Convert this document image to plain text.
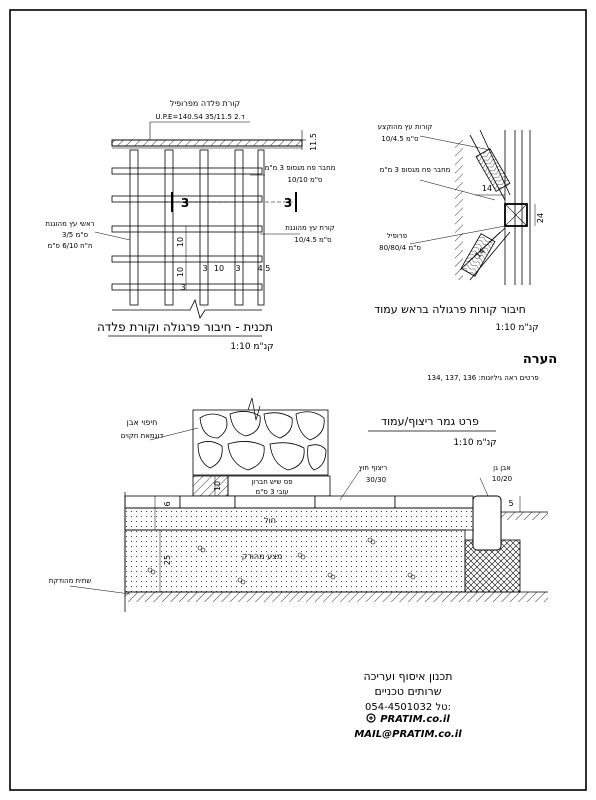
קורת פלדה מפרופיל
U.P.E=140.S4 ד.2 35/11.5
11.5
מחבר פח מגסופ 3 מ"מ
ס"מ 10/10
קורת עץ מהוגנת
ס"מ 10/4.5
ראשי עץ מהוגנת
ס"מ 3/5
ח"ח 6/10 ס"מ
3	3
10
10
3
3 10 3 4.5
תכנית - חיבור פרגולה וקורת פלדה
קנ"מ 1:10
קורות עץ מהוקצע
ס"מ 10/4.5
מחבר פח מגסופ 3 מ"מ
פרופיל
ס"מ 80/80/4
14
14
24
חיבור קורות פרגולה בראש עמוד
קנ"מ 1:10
הערה
פרטים ראה גיליונות: 136 ,137 ,134
פרט גמר ריצוף/עמוד
קנ"מ 1:10
חיפוי אבן
דוגמאת חקוים
אבן גן
10/20
ריצוף חוץ
30/30
פס שיש חברון
עובי 3 ס"מ
חול
מצע מהודק
שתית מהודקת
10
6
25
5
תכנון איסוף ועריכה
שרותים טכניים
054-4501032 טל:
PRATIM.co.il
MAIL@PRATIM.co.il
